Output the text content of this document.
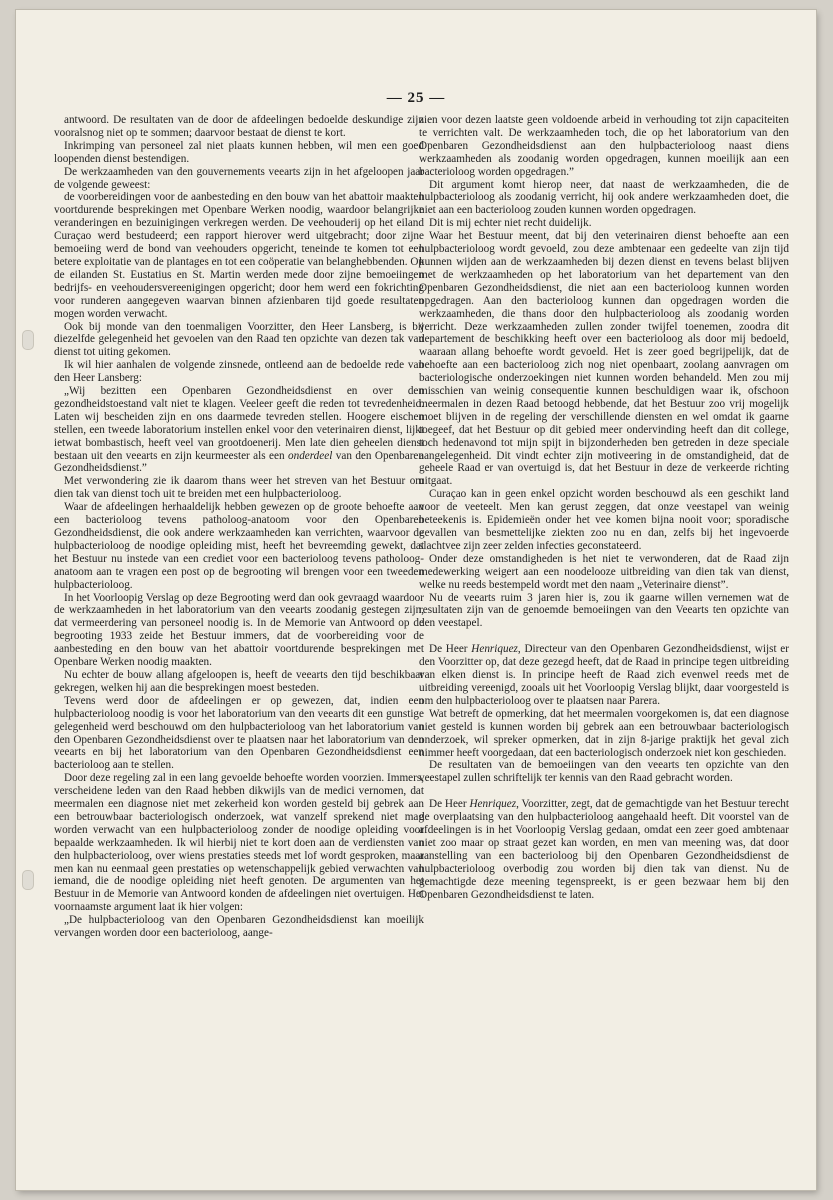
— 25 —

antwoord. De resultaten van de door de afdeelingen bedoelde deskundige zijn vooralsnog niet op te sommen; daarvoor bestaat de dienst te kort.

Inkrimping van personeel zal niet plaats kunnen hebben, wil men een goed loopenden dienst bestendigen.

De werkzaamheden van den gouvernements veearts zijn in het afgeloopen jaar de volgende geweest:

de voorbereidingen voor de aanbesteding en den bouw van het abattoir maakten voortdurende besprekingen met Openbare Werken noodig, waardoor belangrijke veranderingen en bezuinigingen verkregen werden. De veehouderij op het eiland Curaçao werd bestudeerd; een rapport hierover werd uitgebracht; door zijne bemoeiing werd de bond van veehouders opgericht, teneinde te komen tot een betere exploitatie van de plantages en tot een coöperatie van belanghebbenden. Op de eilanden St. Eustatius en St. Martin werden mede door zijne bemoeiingen bedrijfs- en veehoudersvereenigingen opgericht; door hem werd een fokrichting voor runderen aangegeven waarvan binnen afzienbaren tijd goede resultaten mogen worden verwacht.

Ook bij monde van den toenmaligen Voorzitter, den Heer Lansberg, is bij diezelfde gelegenheid het gevoelen van den Raad ten opzichte van dezen tak van dienst tot uiting gekomen.

Ik wil hier aanhalen de volgende zinsnede, ontleend aan de bedoelde rede van den Heer Lansberg:

„Wij bezitten een Openbaren Gezondheidsdienst en over den gezondheidstoestand valt niet te klagen. Veeleer geeft die reden tot tevredenheid. Laten wij bescheiden zijn en ons daarmede tevreden stellen. Hoogere eischen stellen, een tweede laboratorium instellen enkel voor den veterinairen dienst, lijkt ietwat bombastisch, heeft veel van grootdoenerij. Men late dien geheelen dienst bestaan uit den veearts en zijn keurmeester als een onderdeel van den Openbaren Gezondheidsdienst.”

Met verwondering zie ik daarom thans weer het streven van het Bestuur om dien tak van dienst toch uit te breiden met een hulpbacterioloog.

Waar de afdeelingen herhaaldelijk hebben gewezen op de groote behoefte aan een bacterioloog tevens patholoog-anatoom voor den Openbaren Gezondheidsdienst, die ook andere werkzaamheden kan verrichten, waarvoor de hulpbacterioloog de noodige opleiding mist, heeft het bevreemding gewekt, dat het Bestuur nu instede van een crediet voor een bacterioloog tevens patholoog-anatoom aan te vragen een post op de begrooting wil brengen voor een tweeden hulpbacterioloog.

In het Voorloopig Verslag op deze Begrooting werd dan ook gevraagd waardoor de werkzaamheden in het laboratorium van den veearts zoodanig gestegen zijn, dat vermeerdering van personeel noodig is. In de Memorie van Antwoord op de begrooting 1933 zeide het Bestuur immers, dat de voorbereiding voor de aanbesteding en den bouw van het abattoir voortdurende besprekingen met Openbare Werken noodig maakten.

Nu echter de bouw allang afgeloopen is, heeft de veearts den tijd beschikbaar gekregen, welken hij aan die besprekingen moest besteden.

Tevens werd door de afdeelingen er op gewezen, dat, indien een hulpbacterioloog noodig is voor het laboratorium van den veearts dit een gunstige gelegenheid werd beschouwd om den hulpbacterioloog van het laboratorium van den Openbaren Gezondheidsdienst over te plaatsen naar het laboratorium van den veearts en bij het laboratorium van den Openbaren Gezondheidsdienst een bacterioloog aan te stellen.

Door deze regeling zal in een lang gevoelde behoefte worden voorzien. Immers, verscheidene leden van den Raad hebben dikwijls van de medici vernomen, dat meermalen een diagnose niet met zekerheid kon worden gesteld bij gebrek aan een betrouwbaar bacteriologisch onderzoek, wat vanzelf sprekend niet mag worden verwacht van een hulpbacterioloog zonder de noodige opleiding voor bepaalde werkzaamheden. Ik wil hierbij niet te kort doen aan de verdiensten van den hulpbacterioloog, over wiens prestaties steeds met lof wordt gesproken, maar men kan nu eenmaal geen prestaties op wetenschappelijk gebied verwachten van iemand, die de noodige opleiding niet heeft genoten. De argumenten van het Bestuur in de Memorie van Antwoord konden de afdeelingen niet overtuigen. Het voornaamste argument laat ik hier volgen:

„De hulpbacterioloog van den Openbaren Gezondheidsdienst kan moeilijk vervangen worden door een bacterioloog, aange-

zien voor dezen laatste geen voldoende arbeid in verhouding tot zijn capaciteiten te verrichten valt. De werkzaamheden toch, die op het laboratorium van den Openbaren Gezondheidsdienst aan den hulpbacterioloog naast diens werkzaamheden als zoodanig worden opgedragen, kunnen moeilijk aan een bacterioloog worden opgedragen.”

Dit argument komt hierop neer, dat naast de werkzaamheden, die de hulpbacterioloog als zoodanig verricht, hij ook andere werkzaamheden doet, die niet aan een bacterioloog zouden kunnen worden opgedragen.

Dit is mij echter niet recht duidelijk.

Waar het Bestuur meent, dat bij den veterinairen dienst behoefte aan een hulpbacterioloog wordt gevoeld, zou deze ambtenaar een gedeelte van zijn tijd kunnen wijden aan de werkzaamheden bij dezen dienst en tevens belast blijven met de werkzaamheden op het laboratorium van het departement van den Openbaren Gezondheidsdienst, die niet aan een bacterioloog kunnen worden opgedragen. Aan den bacterioloog kunnen dan opgedragen worden die werkzaamheden, die thans door den hulpbacterioloog als zoodanig worden verricht. Deze werkzaamheden zullen zonder twijfel toenemen, zoodra dit departement de beschikking heeft over een bacterioloog als door mij bedoeld, waaraan allang behoefte wordt gevoeld. Het is zeer goed begrijpelijk, dat de behoefte aan een bacterioloog zich nog niet openbaart, zoolang aanvragen om bacteriologische onderzoekingen niet kunnen worden behandeld. Men zou mij misschien van weinig consequentie kunnen beschuldigen waar ik, ofschoon meermalen in dezen Raad betoogd hebbende, dat het Bestuur zoo vrij mogelijk moet blijven in de regeling der verschillende diensten en wel omdat ik gaarne toegeef, dat het Bestuur op dit gebied meer ondervinding heeft dan dit college, toch hedenavond tot mijn spijt in bijzonderheden ben getreden in deze speciale aangelegenheid. Dit vindt echter zijn motiveering in de omstandigheid, dat de geheele Raad er van overtuigd is, dat het Bestuur in deze de verkeerde richting uitgaat.

Curaçao kan in geen enkel opzicht worden beschouwd als een geschikt land voor de veeteelt. Men kan gerust zeggen, dat onze veestapel van weinig beteekenis is. Epidemieën onder het vee komen bijna nooit voor; sporadische gevallen van besmettelijke ziekten zoo nu en dan, zelfs bij het ingevoerde slachtvee zijn zeer zelden infecties geconstateerd.

Onder deze omstandigheden is het niet te verwonderen, dat de Raad zijn medewerking weigert aan een noodelooze uitbreiding van dien tak van dienst, welke nu reeds bestempeld wordt met den naam „Veterinaire dienst”.

Nu de veearts ruim 3 jaren hier is, zou ik gaarne willen vernemen wat de resultaten zijn van de genoemde bemoeiingen van den Veearts ten opzichte van den veestapel.

De Heer Henriquez, Directeur van den Openbaren Gezondheidsdienst, wijst er den Voorzitter op, dat deze gezegd heeft, dat de Raad in principe tegen uitbreiding van elken dienst is. In principe heeft de Raad zich evenwel reeds met de uitbreiding vereenigd, zooals uit het Voorloopig Verslag blijkt, daar voorgesteld is om den hulpbacterioloog over te plaatsen naar Parera.

Wat betreft de opmerking, dat het meermalen voorgekomen is, dat een diagnose niet gesteld is kunnen worden bij gebrek aan een betrouwbaar bacteriologisch onderzoek, wil spreker opmerken, dat in zijn 8-jarige praktijk het geval zich nimmer heeft voorgedaan, dat een bacteriologisch onderzoek niet kon geschieden.

De resultaten van de bemoeiingen van den veearts ten opzichte van den veestapel zullen schriftelijk ter kennis van den Raad gebracht worden.

De Heer Henriquez, Voorzitter, zegt, dat de gemachtigde van het Bestuur terecht de overplaatsing van den hulpbacterioloog aangehaald heeft. Dit voorstel van de afdeelingen is in het Voorloopig Verslag gedaan, omdat een zeer goed ambtenaar niet zoo maar op straat gezet kan worden, en men van meening was, dat door aanstelling van een bacterioloog bij den Openbaren Gezondheidsdienst de hulpbacterioloog overbodig zou worden bij dien tak van dienst. Nu de gemachtigde deze meening tegenspreekt, is er geen bezwaar hem bij den Openbaren Gezondheidsdienst te laten.
